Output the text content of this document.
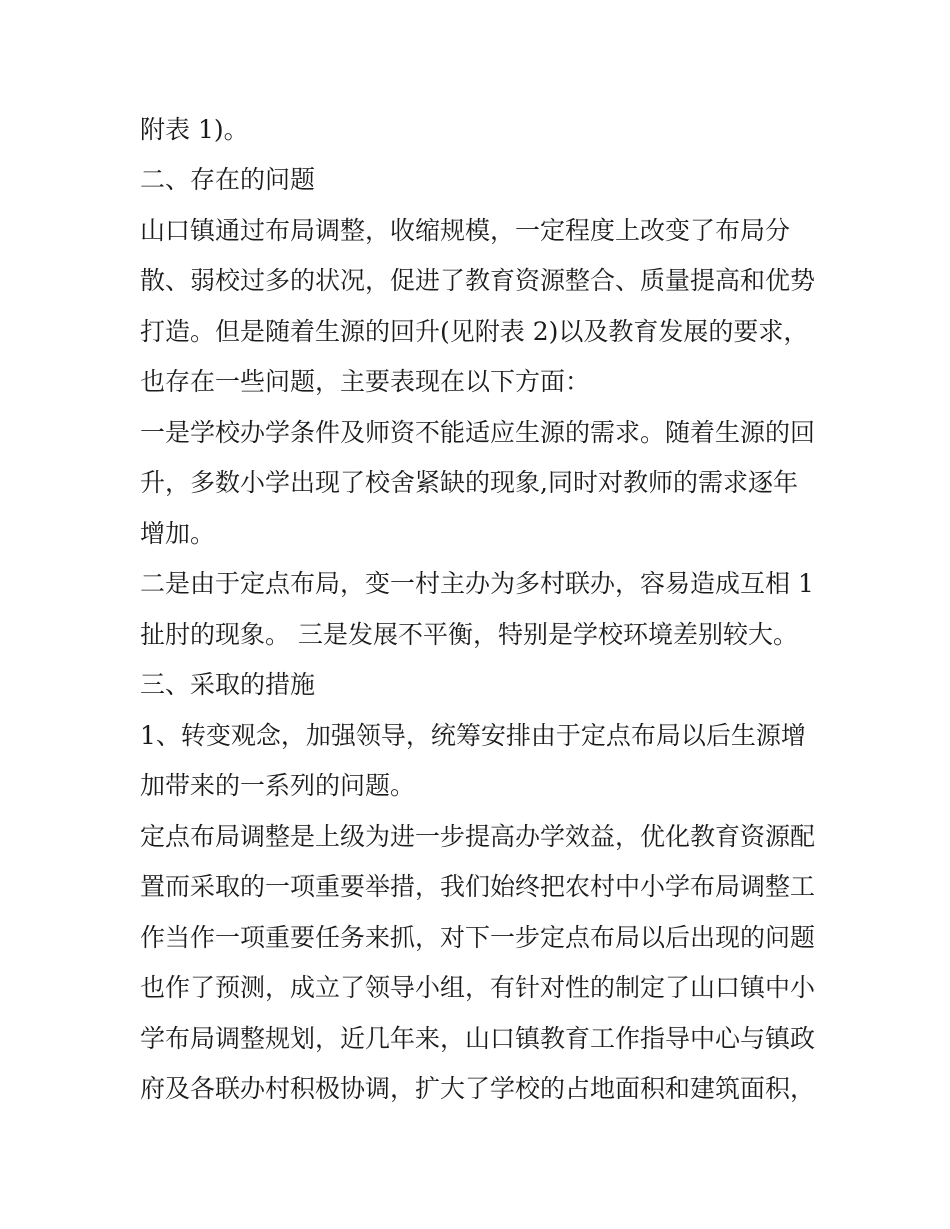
附表 1)。
二、存在的问题
山口镇通过布局调整，收缩规模，一定程度上改变了布局分
散、弱校过多的状况，促进了教育资源整合、质量提高和优势
打造。但是随着生源的回升(见附表 2)以及教育发展的要求，
也存在一些问题，主要表现在以下方面：
一是学校办学条件及师资不能适应生源的需求。随着生源的回
升，多数小学出现了校舍紧缺的现象,同时对教师的需求逐年
增加。
二是由于定点布局，变一村主办为多村联办，容易造成互相 1
扯肘的现象。 三是发展不平衡，特别是学校环境差别较大。
三、采取的措施
1、转变观念，加强领导，统筹安排由于定点布局以后生源增
加带来的一系列的问题。
定点布局调整是上级为进一步提高办学效益，优化教育资源配
置而采取的一项重要举措，我们始终把农村中小学布局调整工
作当作一项重要任务来抓，对下一步定点布局以后出现的问题
也作了预测，成立了领导小组，有针对性的制定了山口镇中小
学布局调整规划，近几年来，山口镇教育工作指导中心与镇政
府及各联办村积极协调，扩大了学校的占地面积和建筑面积，
